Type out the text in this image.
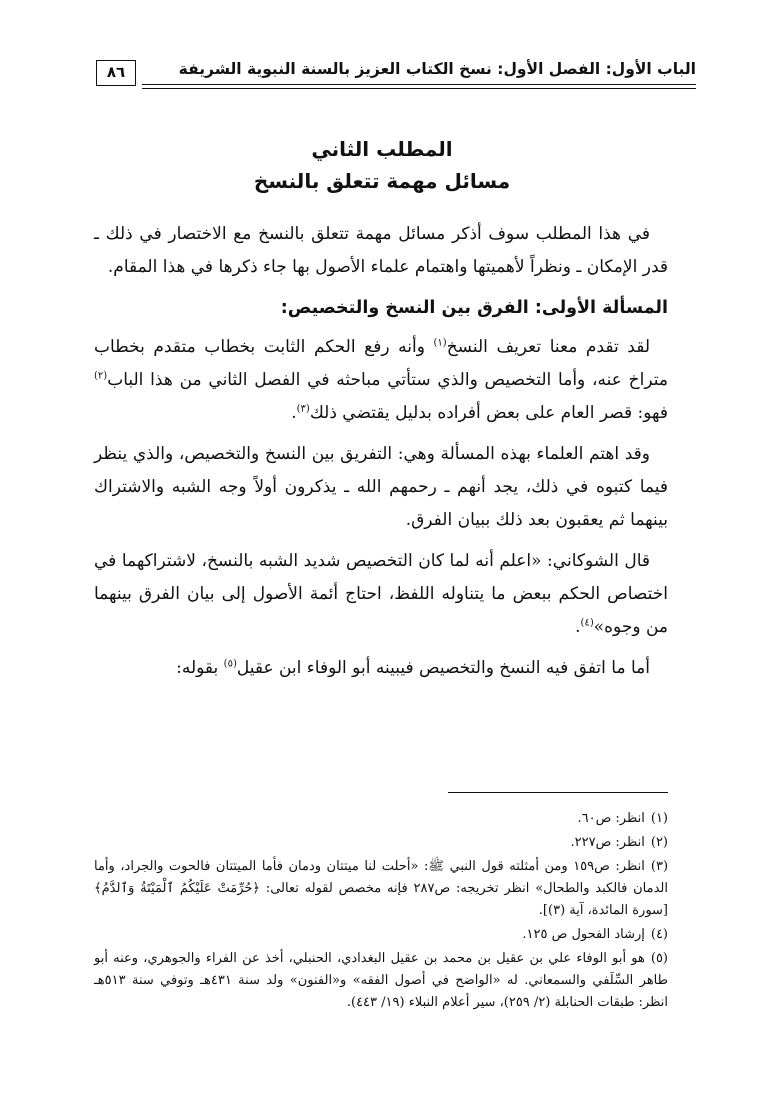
الباب الأول: الفصل الأول: نسخ الكتاب العزيز بالسنة النبوية الشريفة
٨٦
المطلب الثاني
مسائل مهمة تتعلق بالنسخ

في هذا المطلب سوف أذكر مسائل مهمة تتعلق بالنسخ مع الاختصار في ذلك ـ قدر الإمكان ـ ونظراً لأهميتها واهتمام علماء الأصول بها جاء ذكرها في هذا المقام.

المسألة الأولى: الفرق بين النسخ والتخصيص:

لقد تقدم معنا تعريف النسخ$^{(١)}$ وأنه رفع الحكم الثابت بخطاب متقدم بخطاب متراخ عنه، وأما التخصيص والذي ستأتي مباحثه في الفصل الثاني من هذا الباب$^{(٢)}$ فهو: قصر العام على بعض أفراده بدليل يقتضي ذلك$^{(٣)}$.

وقد اهتم العلماء بهذه المسألة وهي: التفريق بين النسخ والتخصيص، والذي ينظر فيما كتبوه في ذلك، يجد أنهم ـ رحمهم الله ـ يذكرون أولاً وجه الشبه والاشتراك بينهما ثم يعقبون بعد ذلك ببيان الفرق.

قال الشوكاني: «اعلم أنه لما كان التخصيص شديد الشبه بالنسخ، لاشتراكهما في اختصاص الحكم ببعض ما يتناوله اللفظ، احتاج أئمة الأصول إلى بيان الفرق بينهما من وجوه»$^{(٤)}$.

أما ما اتفق فيه النسخ والتخصيص فيبينه أبو الوفاء ابن عقيل$^{(٥)}$ بقوله:

(١)انظر: ص٦٠.
(٢)انظر: ص٢٢٧.
(٣)انظر: ص١٥٩ ومن أمثلته قول النبي ﷺ: «أحلت لنا ميتتان ودمان فأما الميتتان فالحوت والجراد، وأما الدمان فالكبد والطحال» انظر تخريجه: ص٢٨٧ فإنه مخصص لقوله تعالى: ﴿حُرِّمَتْ عَلَيْكُمُ ٱلْمَيْتَةُ وَٱلدَّمُ﴾ [سورة المائدة، آية (٣)].
(٤)إرشاد الفحول ص ١٢٥.
(٥)هو أبو الوفاء علي بن عقيل بن محمد بن عقيل البغدادي، الحنبلي، أخذ عن الفراء والجوهري، وعنه أبو طاهر السِّلَفي والسمعاني. له «الواضح في أصول الفقه» و«الفنون» ولد سنة ٤٣١هـ وتوفي سنة ٥١٣هـ انظر: طبقات الحنابلة (٢/ ٢٥٩)، سير أعلام النبلاء (١٩/ ٤٤٣).
